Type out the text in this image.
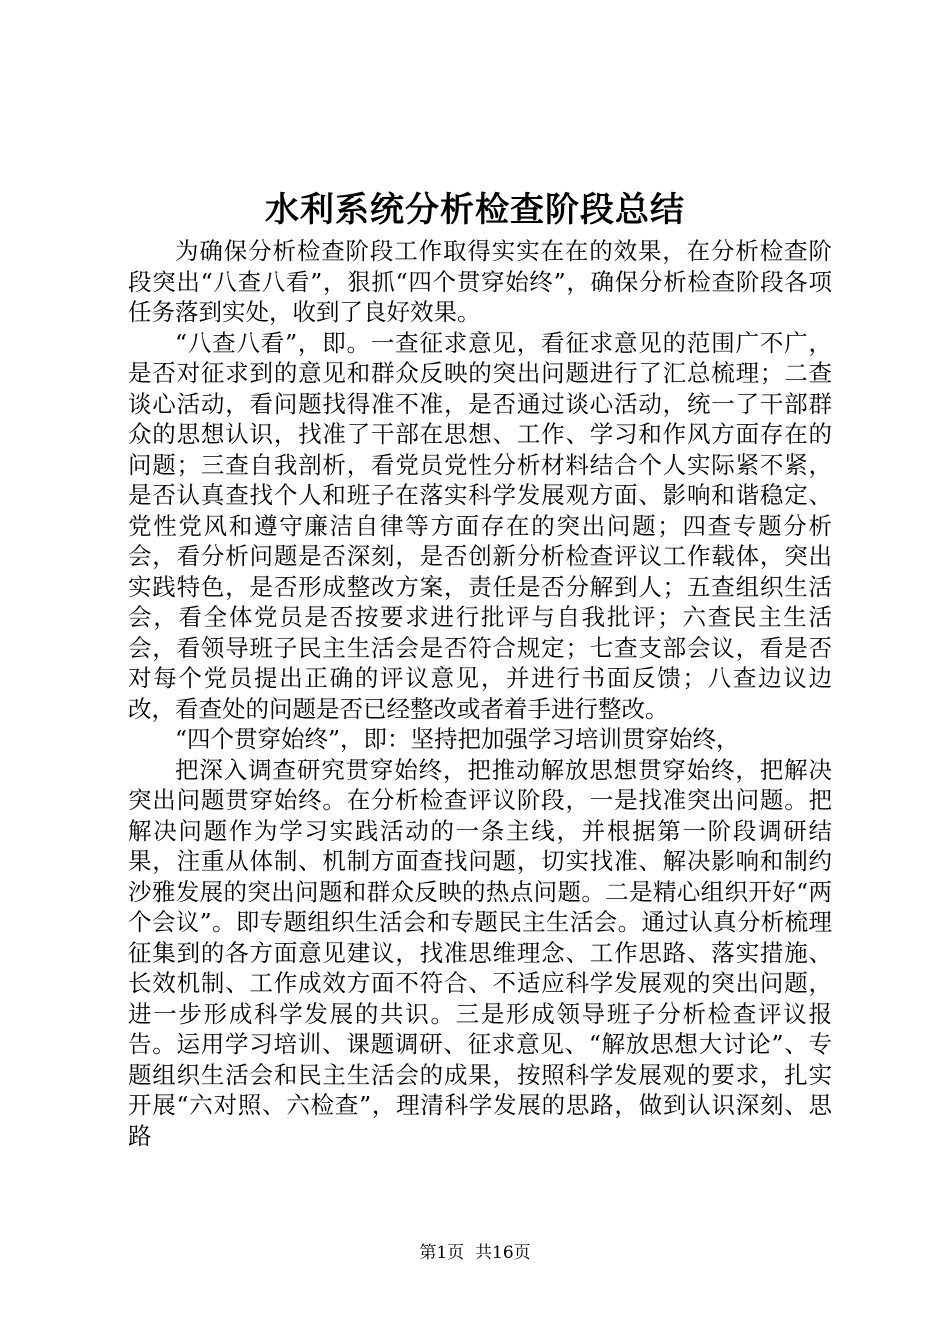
水利系统分析检查阶段总结

为确保分析检查阶段工作取得实实在在的效果，在分析检查阶段突出“八查八看”，狠抓“四个贯穿始终”，确保分析检查阶段各项任务落到实处，收到了良好效果。

“八查八看”，即。一查征求意见，看征求意见的范围广不广，是否对征求到的意见和群众反映的突出问题进行了汇总梳理；二查谈心活动，看问题找得准不准，是否通过谈心活动，统一了干部群众的思想认识，找准了干部在思想、工作、学习和作风方面存在的问题；三查自我剖析，看党员党性分析材料结合个人实际紧不紧，是否认真查找个人和班子在落实科学发展观方面、影响和谐稳定、党性党风和遵守廉洁自律等方面存在的突出问题；四查专题分析会，看分析问题是否深刻，是否创新分析检查评议工作载体，突出实践特色，是否形成整改方案，责任是否分解到人；五查组织生活会，看全体党员是否按要求进行批评与自我批评；六查民主生活会，看领导班子民主生活会是否符合规定；七查支部会议，看是否对每个党员提出正确的评议意见，并进行书面反馈；八查边议边改，看查处的问题是否已经整改或者着手进行整改。

“四个贯穿始终”，即：坚持把加强学习培训贯穿始终，

把深入调查研究贯穿始终，把推动解放思想贯穿始终，把解决突出问题贯穿始终。在分析检查评议阶段，一是找准突出问题。把解决问题作为学习实践活动的一条主线，并根据第一阶段调研结果，注重从体制、机制方面查找问题，切实找准、解决影响和制约沙雅发展的突出问题和群众反映的热点问题。二是精心组织开好“两个会议”。即专题组织生活会和专题民主生活会。通过认真分析梳理征集到的各方面意见建议，找准思维理念、工作思路、落实措施、长效机制、工作成效方面不符合、不适应科学发展观的突出问题，进一步形成科学发展的共识。三是形成领导班子分析检查评议报告。运用学习培训、课题调研、征求意见、“解放思想大讨论”、专题组织生活会和民主生活会的成果，按照科学发展观的要求，扎实开展“六对照、六检查”，理清科学发展的思路，做到认识深刻、思路

第1页 共16页
